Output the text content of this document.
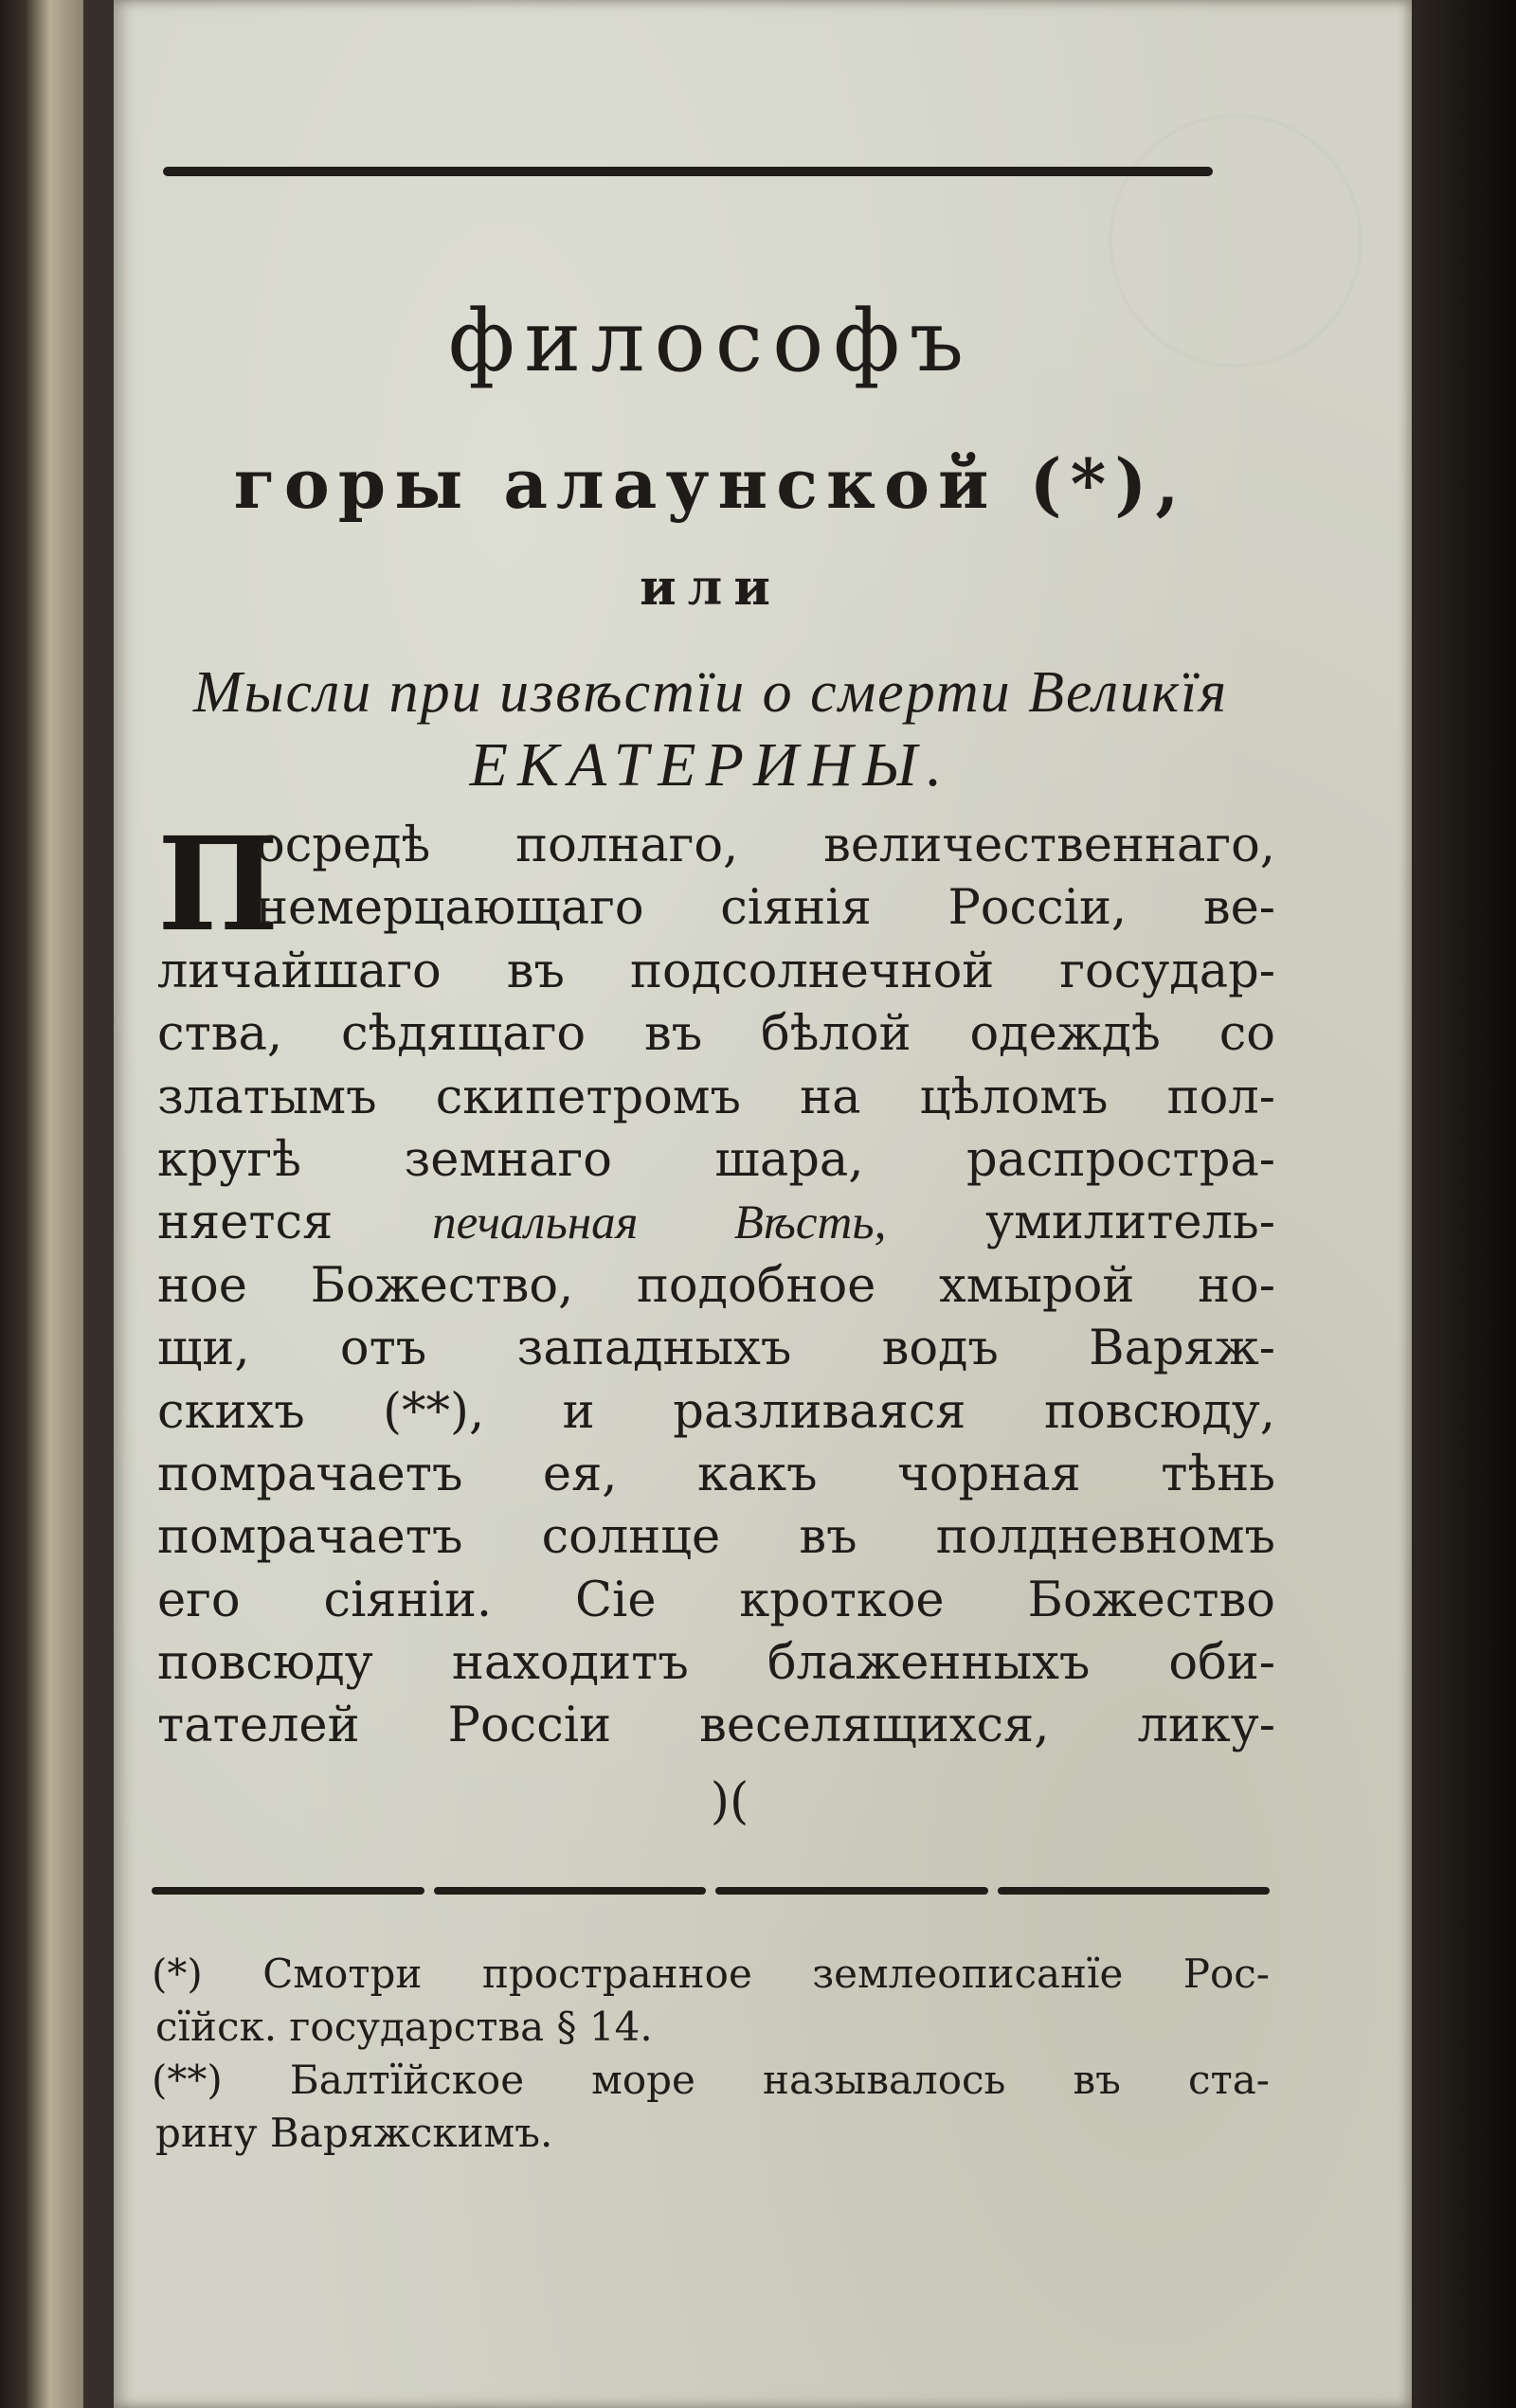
философъ
горы алаунской (*),
или
Мысли при извѣстїи о смерти Великїя
ЕКАТЕРИНЫ.
П
осредѣ полнаго, величественнаго,
немерцающаго сіянія Россіи, ве-
личайшаго въ подсолнечной государ-
ства, сѣдящаго въ бѣлой одеждѣ со
златымъ скипетромъ на цѣломъ пол-
кругѣ земнаго шара, распростра-
няется печальная Вѣсть, умилитель-
ное Божество, подобное хмырой но-
щи, отъ западныхъ водъ Варяж-
скихъ (**), и разливаяся повсюду,
помрачаетъ ея, какъ чорная тѣнь
помрачаетъ солнце въ полдневномъ
его сіяніи. Сіе кроткое Божество
повсюду находитъ блаженныхъ оби-
тателей Россіи веселящихся, лику-
)(
(*) Смотри пространное землеописанїе Рос-
сїйск. государства § 14.
(**) Балтїйское море называлось въ ста-
рину Варяжскимъ.
